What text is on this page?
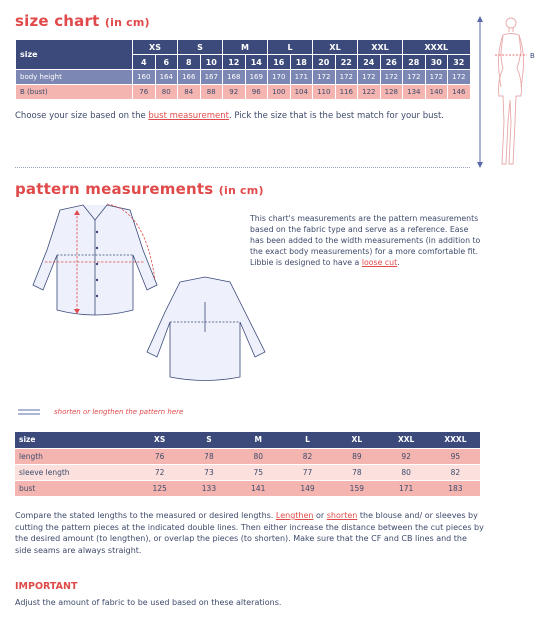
size chart (in cm)
size	XS		S		M		L		XL		XXL		XXXL		
	4	6	8	10	12	14	16	18	20	22	24	26	28	30	32
body height	160	164	166	167	168	169	170	171	172	172	172	172	172	172	172
B (bust)	76	80	84	88	92	96	100	104	110	116	122	128	134	140	146
Choose your size based on the bust measurement. Pick the size that is the best match for your bust.
B
pattern measurements (in cm)
This chart's measurements are the pattern measurements based on the fabric type and serve as a reference. Ease has been added to the width measurements (in addition to the exact body measurements) for a more comfortable fit. Libbie is designed to have a loose cut.
shorten or lengthen the pattern here
size	XS	S	M	L	XL	XXL	XXXL
length	76	78	80	82	89	92	95
sleeve length	72	73	75	77	78	80	82
bust	125	133	141	149	159	171	183
Compare the stated lengths to the measured or desired lengths. Lengthen or shorten the blouse and/ or sleeves by cutting the pattern pieces at the indicated double lines. Then either increase the distance between the cut pieces by the desired amount (to lengthen), or overlap the pieces (to shorten). Make sure that the CF and CB lines and the side seams are always straight.
IMPORTANT
Adjust the amount of fabric to be used based on these alterations.
